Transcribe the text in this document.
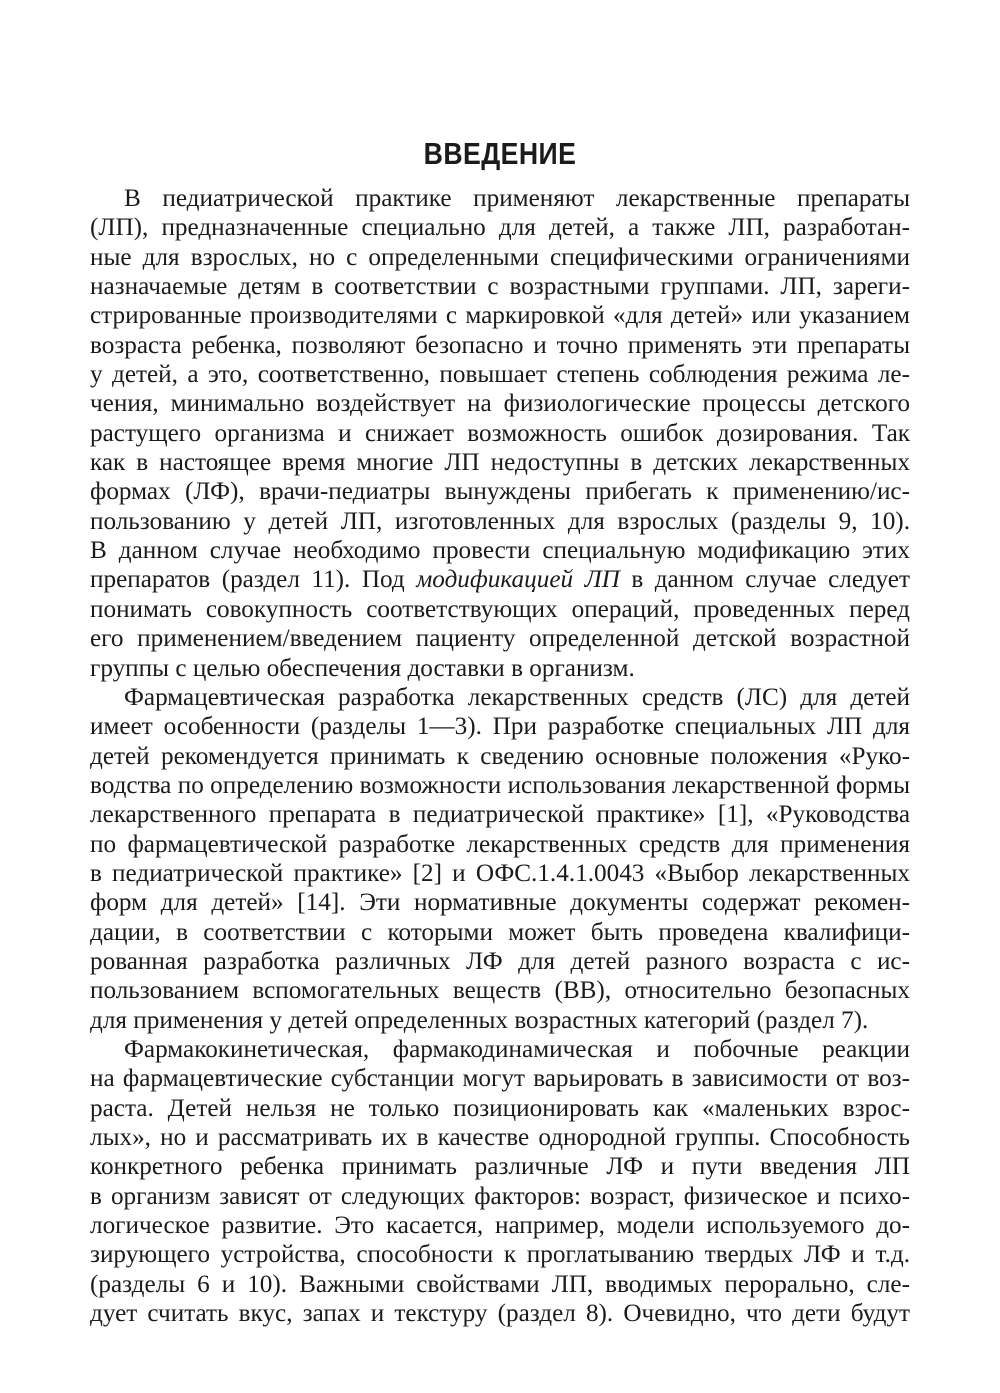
ВВЕДЕНИЕ
В педиатрической практике применяют лекарственные препараты
(ЛП), предназначенные специально для детей, а также ЛП, разработан-
ные для взрослых, но с определенными специфическими ограничениями
назначаемые детям в соответствии с возрастными группами. ЛП, зареги-
стрированные производителями с маркировкой «для детей» или указанием
возраста ребенка, позволяют безопасно и точно применять эти препараты
у детей, а это, соответственно, повышает степень соблюдения режима ле-
чения, минимально воздействует на физиологические процессы детского
растущего организма и снижает возможность ошибок дозирования. Так
как в настоящее время многие ЛП недоступны в детских лекарственных
формах (ЛФ), врачи-педиатры вынуждены прибегать к применению/ис-
пользованию у детей ЛП, изготовленных для взрослых (разделы 9, 10).
В данном случае необходимо провести специальную модификацию этих
препаратов (раздел 11). Под модификацией ЛП в данном случае следует
понимать совокупность соответствующих операций, проведенных перед
его применением/введением пациенту определенной детской возрастной
группы с целью обеспечения доставки в организм.
Фармацевтическая разработка лекарственных средств (ЛС) для детей
имеет особенности (разделы 1—3). При разработке специальных ЛП для
детей рекомендуется принимать к сведению основные положения «Руко-
водства по определению возможности использования лекарственной формы
лекарственного препарата в педиатрической практике» [1], «Руководства
по фармацевтической разработке лекарственных средств для применения
в педиатрической практике» [2] и ОФС.1.4.1.0043 «Выбор лекарственных
форм для детей» [14]. Эти нормативные документы содержат рекомен-
дации, в соответствии с которыми может быть проведена квалифици-
рованная разработка различных ЛФ для детей разного возраста с ис-
пользованием вспомогательных веществ (ВВ), относительно безопасных
для применения у детей определенных возрастных категорий (раздел 7).
Фармакокинетическая, фармакодинамическая и побочные реакции
на фармацевтические субстанции могут варьировать в зависимости от воз-
раста. Детей нельзя не только позиционировать как «маленьких взрос-
лых», но и рассматривать их в качестве однородной группы. Способность
конкретного ребенка принимать различные ЛФ и пути введения ЛП
в организм зависят от следующих факторов: возраст, физическое и психо-
логическое развитие. Это касается, например, модели используемого до-
зирующего устройства, способности к проглатыванию твердых ЛФ и т.д.
(разделы 6 и 10). Важными свойствами ЛП, вводимых перорально, сле-
дует считать вкус, запах и текстуру (раздел 8). Очевидно, что дети будут
